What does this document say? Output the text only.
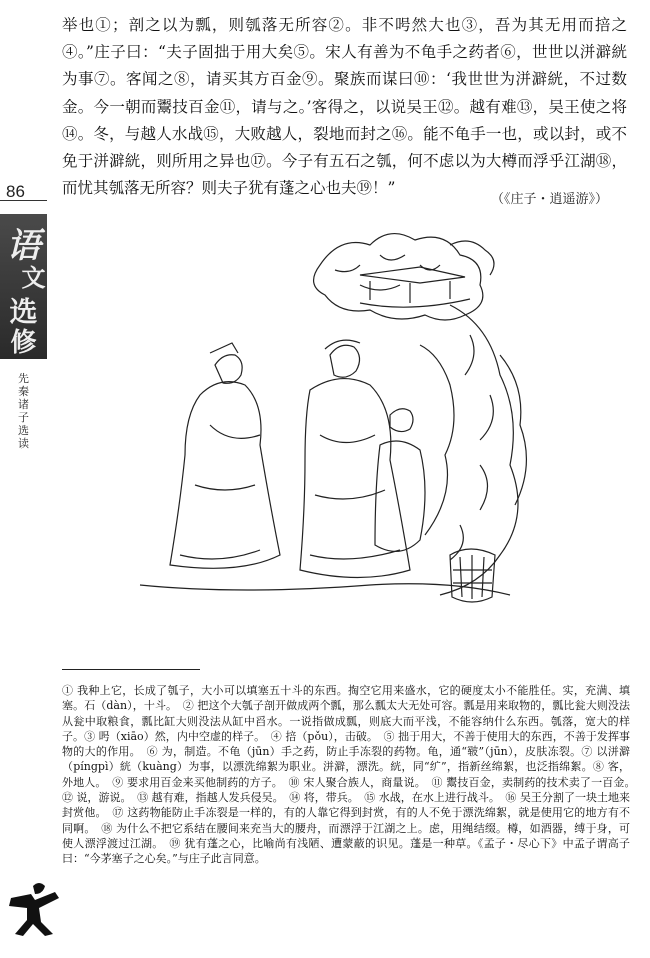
86
语
文
选
修
先秦诸子选读

举也①；剖之以为瓢，则瓠落无所容②。非不呺然大也③，吾为其无用而掊之④。”庄子曰：“夫子固拙于用大矣⑤。宋人有善为不龟手之药者⑥，世世以洴澼絖为事⑦。客闻之⑧，请买其方百金⑨。聚族而谋曰⑩：‘我世世为洴澼絖，不过数金。今一朝而鬻技百金⑪，请与之。’客得之，以说吴王⑫。越有难⑬，吴王使之将⑭。冬，与越人水战⑮，大败越人，裂地而封之⑯。能不龟手一也，或以封，或不免于洴澼絖，则所用之异也⑰。今子有五石之瓠，何不虑以为大樽而浮乎江湖⑱，而忧其瓠落无所容？则夫子犹有蓬之心也夫⑲！”

（《庄子・逍遥游》）

① 我种上它，长成了瓠子，大小可以填塞五十斗的东西。掏空它用来盛水，它的硬度太小不能胜任。实，充满、填塞。石（dàn），十斗。　② 把这个大瓠子剖开做成两个瓢，那么瓢太大无处可容。瓢是用来取物的，瓢比瓮大则没法从瓮中取粮食，瓢比缸大则没法从缸中舀水。一说指做成瓢，则底大而平浅，不能容纳什么东西。瓠落，宽大的样子。③ 呺（xiāo）然，内中空虚的样子。　④ 掊（pǒu），击破。　⑤ 拙于用大，不善于使用大的东西，不善于发挥事物的大的作用。　⑥ 为，制造。不龟（jūn）手之药，防止手冻裂的药物。龟，通“皲”（jūn），皮肤冻裂。⑦ 以洴澼（píngpì）絖（kuàng）为事，以漂洗绵絮为职业。洴澼，漂洗。絖，同“纩”，指新丝绵絮，也泛指绵絮。⑧ 客，外地人。　⑨ 要求用百金来买他制药的方子。　⑩ 宋人聚合族人，商量说。　⑪ 鬻技百金，卖制药的技术卖了一百金。　⑫ 说，游说。　⑬ 越有难，指越人发兵侵吴。　⑭ 将，带兵。　⑮ 水战，在水上进行战斗。　⑯ 吴王分割了一块土地来封赏他。　⑰ 这药物能防止手冻裂是一样的，有的人靠它得到封赏，有的人不免于漂洗绵絮，就是使用它的地方有不同啊。　⑱ 为什么不把它系结在腰间来充当大的腰舟，而漂浮于江湖之上。虑，用绳结缀。樽，如酒器，缚于身，可使人漂浮渡过江湖。　⑲ 犹有蓬之心，比喻尚有浅陋、遭蒙蔽的识见。蓬是一种草。《孟子・尽心下》中孟子谓高子曰：“今茅塞子之心矣。”与庄子此言同意。
